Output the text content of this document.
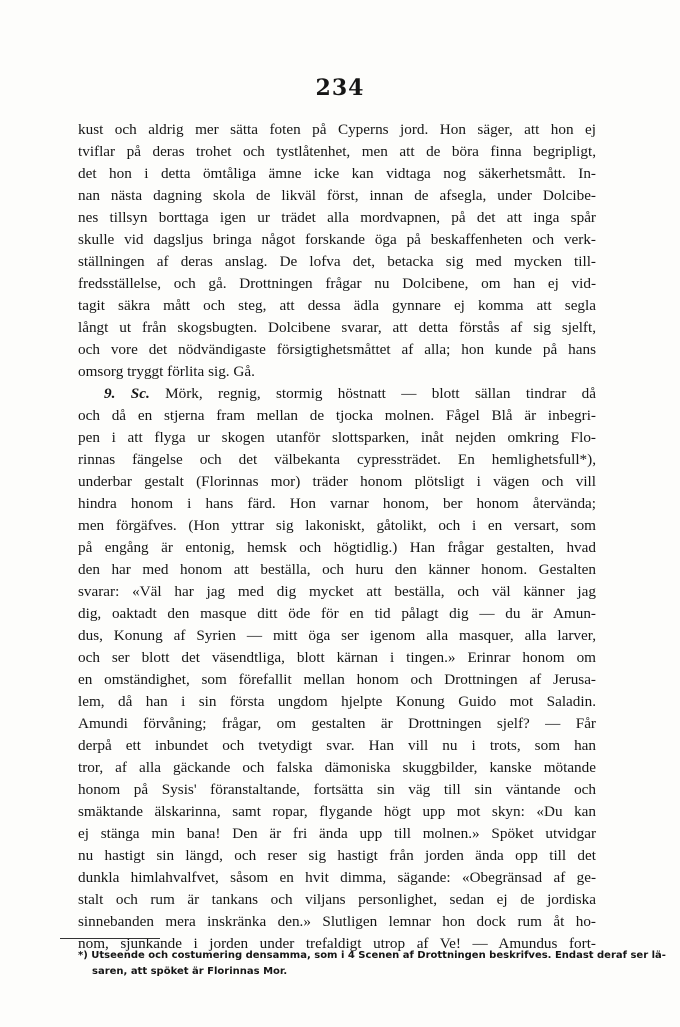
234
kust och aldrig mer sätta foten på Cyperns jord. Hon säger, att hon ej
tviflar på deras trohet och tystlåtenhet, men att de böra finna begripligt,
det hon i detta ömtåliga ämne icke kan vidtaga nog säkerhetsmått. In-
nan nästa dagning skola de likväl först, innan de afsegla, under Dolcibe-
nes tillsyn borttaga igen ur trädet alla mordvapnen, på det att inga spår
skulle vid dagsljus bringa något forskande öga på beskaffenheten och verk-
ställningen af deras anslag. De lofva det, betacka sig med mycken till-
fredsställelse, och gå. Drottningen frågar nu Dolcibene, om han ej vid-
tagit säkra mått och steg, att dessa ädla gynnare ej komma att segla
långt ut från skogsbugten. Dolcibene svarar, att detta förstås af sig sjelft,
och vore det nödvändigaste försigtighetsmåttet af alla; hon kunde på hans
omsorg tryggt förlita sig. Gå.
9. Sc. Mörk, regnig, stormig höstnatt — blott sällan tindrar då
och då en stjerna fram mellan de tjocka molnen. Fågel Blå är inbegri-
pen i att flyga ur skogen utanför slottsparken, inåt nejden omkring Flo-
rinnas fängelse och det välbekanta cypressträdet. En hemlighetsfull*),
underbar gestalt (Florinnas mor) träder honom plötsligt i vägen och vill
hindra honom i hans färd. Hon varnar honom, ber honom återvända;
men förgäfves. (Hon yttrar sig lakoniskt, gåtolikt, och i en versart, som
på engång är entonig, hemsk och högtidlig.) Han frågar gestalten, hvad
den har med honom att beställa, och huru den känner honom. Gestalten
svarar: «Väl har jag med dig mycket att beställa, och väl känner jag
dig, oaktadt den masque ditt öde för en tid pålagt dig — du är Amun-
dus, Konung af Syrien — mitt öga ser igenom alla masquer, alla larver,
och ser blott det väsendtliga, blott kärnan i tingen.» Erinrar honom om
en omständighet, som förefallit mellan honom och Drottningen af Jerusa-
lem, då han i sin första ungdom hjelpte Konung Guido mot Saladin.
Amundi förvåning; frågar, om gestalten är Drottningen sjelf? — Får
derpå ett inbundet och tvetydigt svar. Han vill nu i trots, som han
tror, af alla gäckande och falska dämoniska skuggbilder, kanske mötande
honom på Sysis' föranstaltande, fortsätta sin väg till sin väntande och
smäktande älskarinna, samt ropar, flygande högt upp mot skyn: «Du kan
ej stänga min bana! Den är fri ända upp till molnen.» Spöket utvidgar
nu hastigt sin längd, och reser sig hastigt från jorden ända opp till det
dunkla himlahvalfvet, såsom en hvit dimma, sägande: «Obegränsad af ge-
stalt och rum är tankans och viljans personlighet, sedan ej de jordiska
sinnebanden mera inskränka den.» Slutligen lemnar hon dock rum åt ho-
nom, sjunkande i jorden under trefaldigt utrop af Ve! — Amundus fort-
*) Utseende och costumering densamma, som i 4 Scenen af Drottningen beskrifves. Endast deraf ser lä-
saren, att spöket är Florinnas Mor.
